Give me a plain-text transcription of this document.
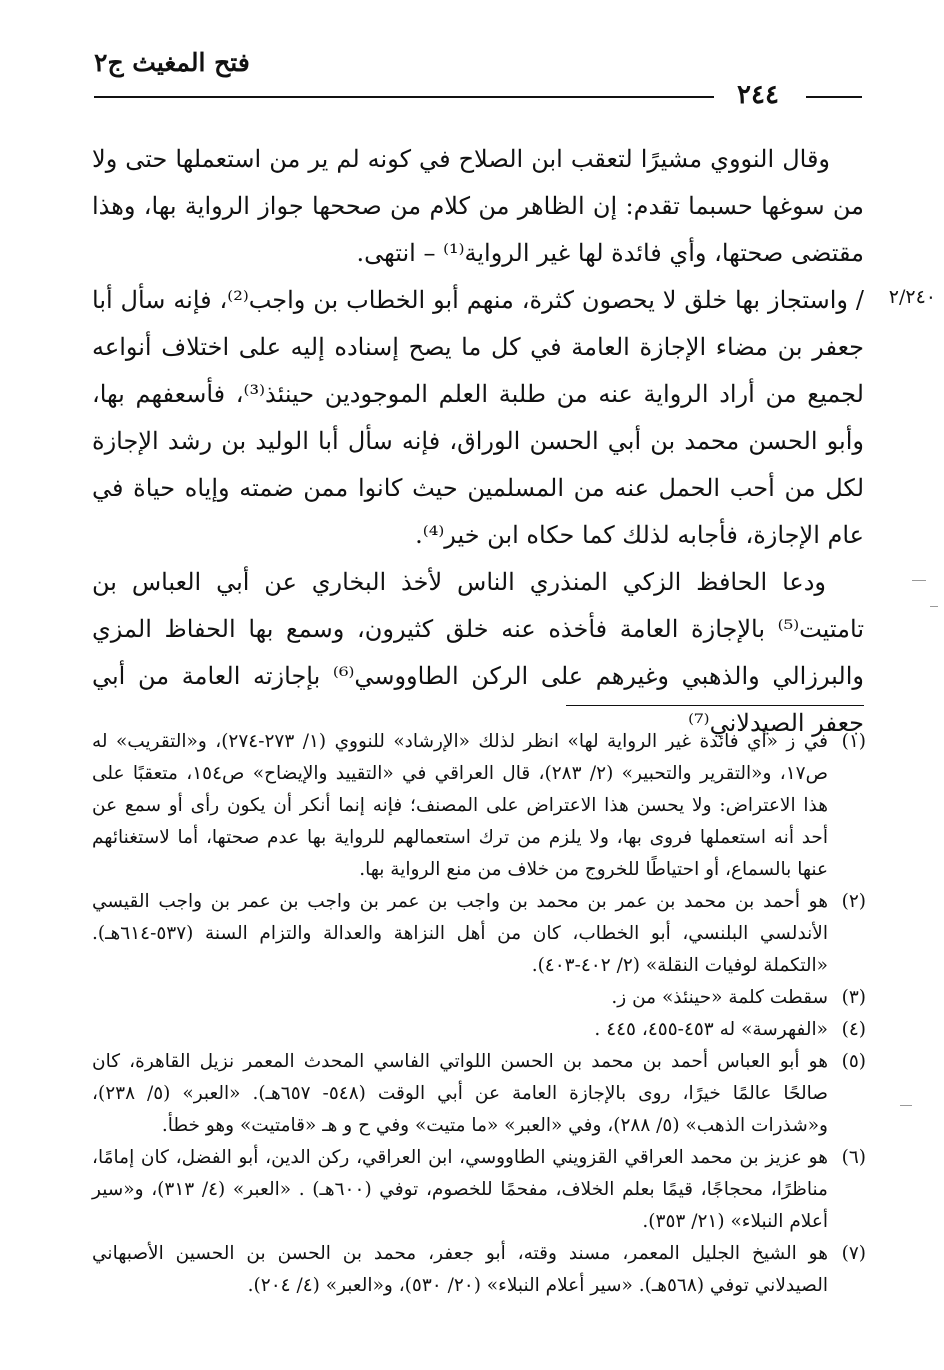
فتح المغيث ج٢
٢٤٤
٢/٢٤٠

وقال النووي مشيرًا لتعقب ابن الصلاح في كونه لم ير من استعملها حتى ولا من سوغها حسبما تقدم: إن الظاهر من كلام من صححها جواز الرواية بها، وهذا مقتضى صحتها، وأي فائدة لها غير الرواية⁽¹⁾ – انتهى.

/ واستجاز بها خلق لا يحصون كثرة، منهم أبو الخطاب بن واجب⁽²⁾، فإنه سأل أبا جعفر بن مضاء الإجازة العامة في كل ما يصح إسناده إليه على اختلاف أنواعه لجميع من أراد الرواية عنه من طلبة العلم الموجودين حينئذ⁽³⁾، فأسعفهم بها، وأبو الحسن محمد بن أبي الحسن الوراق، فإنه سأل أبا الوليد بن رشد الإجازة لكل من أحب الحمل عنه من المسلمين حيث كانوا ممن ضمته وإياه حياة في عام الإجازة، فأجابه لذلك كما حكاه ابن خير⁽⁴⁾.

ودعا الحافظ الزكي المنذري الناس لأخذ البخاري عن أبي العباس بن تامتيت⁽⁵⁾ بالإجازة العامة فأخذه عنه خلق كثيرون، وسمع بها الحفاظ المزي والبرزالي والذهبي وغيرهم على الركن الطاووسي⁽⁶⁾ بإجازته العامة من أبي جعفر الصيدلاني⁽⁷⁾

(١)
في ز «أي فائدة غير الرواية لها» انظر لذلك «الإرشاد» للنووي (١/ ٢٧٣-٢٧٤)، و«التقريب» له ص١٧، و«التقرير والتحبير» (٢/ ٢٨٣)، قال العراقي في «التقييد والإيضاح» ص١٥٤، متعقبًا على هذا الاعتراض: ولا يحسن هذا الاعتراض على المصنف؛ فإنه إنما أنكر أن يكون رأى أو سمع عن أحد أنه استعملها فروى بها، ولا يلزم من ترك استعمالهم للرواية بها عدم صحتها، أما لاستغنائهم عنها بالسماع، أو احتياطًا للخروج من خلاف من منع الرواية بها.
(٢)
هو أحمد بن محمد بن عمر بن محمد بن واجب بن عمر بن واجب بن عمر بن واجب القيسي الأندلسي البلنسي، أبو الخطاب، كان من أهل النزاهة والعدالة والتزام السنة (٥٣٧-٦١٤هـ). «التكملة لوفيات النقلة» (٢/ ٤٠٢-٤٠٣).
(٣)
سقطت كلمة «حينئذ» من ز.
(٤)
«الفهرسة» له ٤٥٣-٤٥٥، ٤٤٥ .
(٥)
هو أبو العباس أحمد بن محمد بن الحسن اللواتي الفاسي المحدث المعمر نزيل القاهرة، كان صالحًا عالمًا خيرًا، روى بالإجازة العامة عن أبي الوقت (٥٤٨- ٦٥٧هـ). «العبر» (٥/ ٢٣٨)، و«شذرات الذهب» (٥/ ٢٨٨)، وفي «العبر» «ما متيت» وفي ح و هـ «قامتيت» وهو خطأ.
(٦)
هو عزيز بن محمد العراقي القزويني الطاووسي، ابن العراقي، ركن الدين، أبو الفضل، كان إمامًا، مناظرًا، محجاجًا، قيمًا بعلم الخلاف، مفحمًا للخصوم، توفي (٦٠٠هـ) . «العبر» (٤/ ٣١٣)، و«سير أعلام النبلاء» (٢١/ ٣٥٣).
(٧)
هو الشيخ الجليل المعمر، مسند وقته، أبو جعفر، محمد بن الحسن بن الحسين الأصبهاني الصيدلاني توفي (٥٦٨هـ). «سير أعلام النبلاء» (٢٠/ ٥٣٠)، و«العبر» (٤/ ٢٠٤).
